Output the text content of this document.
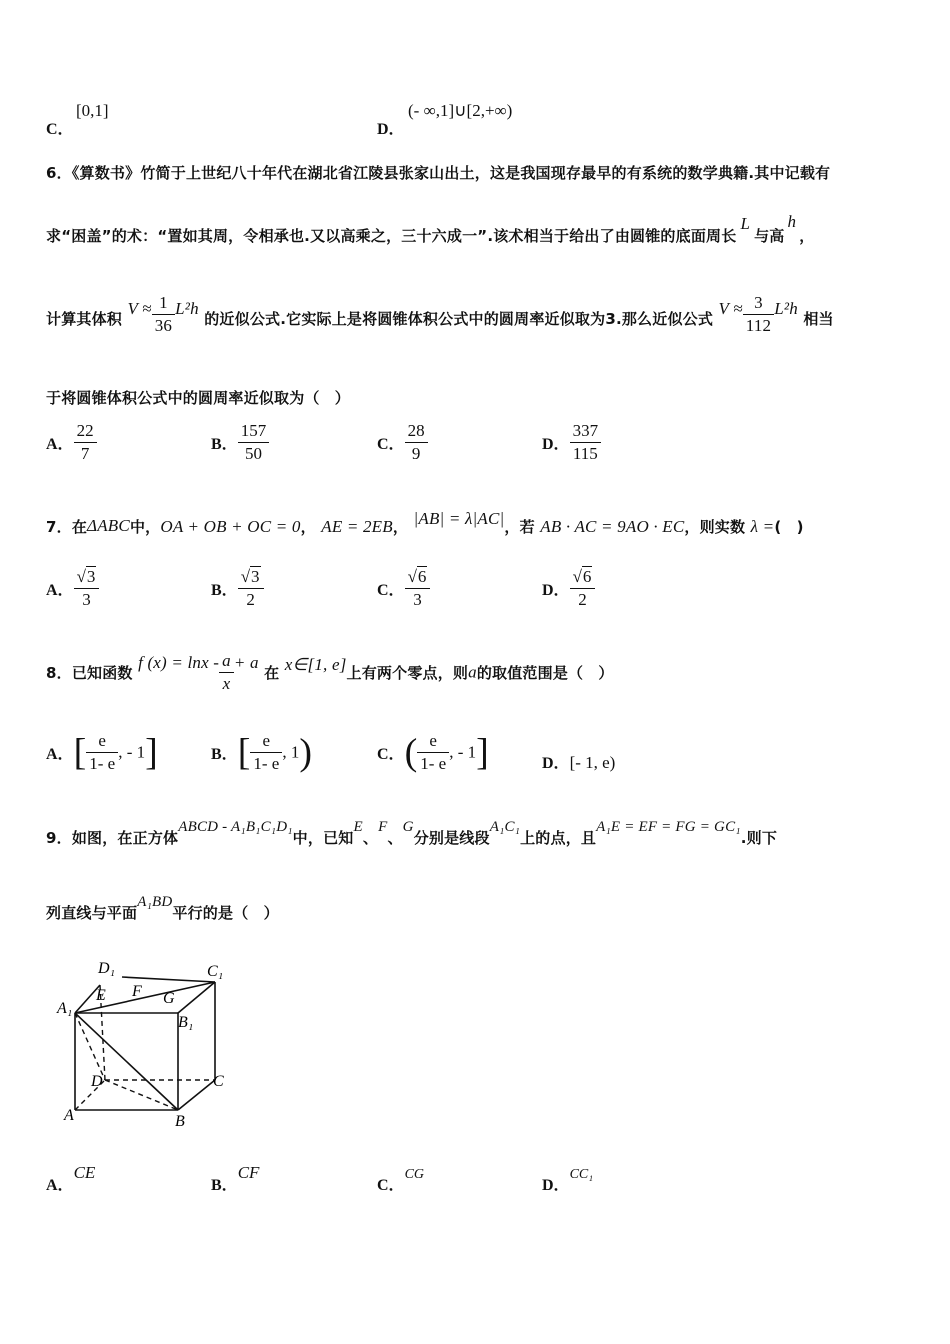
C．
[0,1]
D．
(- ∞,1]∪[2,+∞)
6．《算数书》竹简于上世纪八十年代在湖北省江陵县张家山出土，这是我国现存最早的有系统的数学典籍.其中记载有
求“困盖”的术：“置如其周，令相承也.又以高乘之，三十六成一”.该术相当于给出了由圆锥的底面周长L与高h，
计算其体积 $V \approx \frac{1}{36} L^2h$ 的近似公式.它实际上是将圆锥体积公式中的圆周率近似取为3.那么近似公式 $V \approx \frac{3}{112} L^2h$ 相当
于将圆锥体积公式中的圆周率近似取为（　）
A． $\frac{22}{7}$	B． $\frac{157}{50}$	C． $\frac{28}{9}$	D． $\frac{337}{115}$
7．在ΔABC中，OA + OB + OC = 0， AE = 2EB， |AB| = λ|AC|，若 AB · AC = 9AO · EC，则实数 λ =(　)
A． $\frac{√3}{3}$	B． $\frac{√3}{2}$	C． $\frac{√6}{3}$	D． $\frac{√6}{2}$
8．已知函数 f $(x) = \ln x - \frac{a}{x} + a$ 在 x∈[1, e]上有两个零点，则a的取值范围是（　）
A．[ $\frac{e}{1- e}$ , - 1]	B．[ $\frac{e}{1- e}$ , 1)	C．( $\frac{e}{1- e}$ , - 1]	D．[- 1, e)
9．如图，在正方体ABCD - A₁B₁C₁D₁中，已知E、F、G分别是线段A₁C₁上的点，且A₁E = EF = FG = GC₁.则下
列直线与平面A₁BD平行的是（　）
D₁	C₁
A₁
B₁
E F G
D	C
A	B
A．CE
B．CF
C．CG
D．CC₁
